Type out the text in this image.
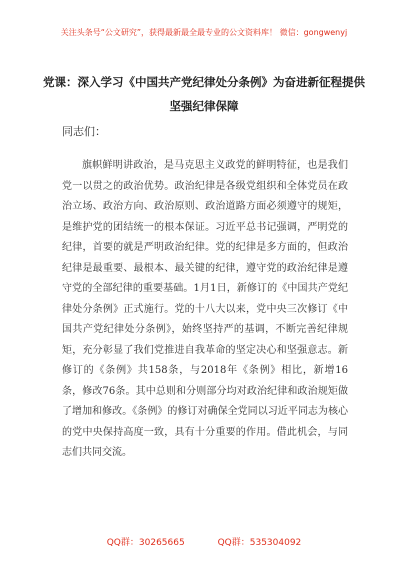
关注头条号“公文研究”，获得最新最全最专业的公文资料库！ 微信：gongwenyj
党课：深入学习《中国共产党纪律处分条例》为奋进新征程提供坚强纪律保障
同志们：
旗帜鲜明讲政治，是马克思主义政党的鲜明特征，也是我们党一以贯之的政治优势。政治纪律是各级党组织和全体党员在政治立场、政治方向、政治原则、政治道路方面必须遵守的规矩，是维护党的团结统一的根本保证。习近平总书记强调，严明党的纪律，首要的就是严明政治纪律。党的纪律是多方面的，但政治纪律是最重要、最根本、最关键的纪律，遵守党的政治纪律是遵守党的全部纪律的重要基础。1月1日，新修订的《中国共产党纪律处分条例》正式施行。党的十八大以来，党中央三次修订《中国共产党纪律处分条例》，始终坚持严的基调，不断完善纪律规矩，充分彰显了我们党推进自我革命的坚定决心和坚强意志。新修订的《条例》共158条，与2018年《条例》相比，新增16条，修改76条。其中总则和分则部分均对政治纪律和政治规矩做了增加和修改。《条例》的修订对确保全党同以习近平同志为核心的党中央保持高度一致，具有十分重要的作用。借此机会，与同志们共同交流。
QQ群：30265665	QQ群：535304092
